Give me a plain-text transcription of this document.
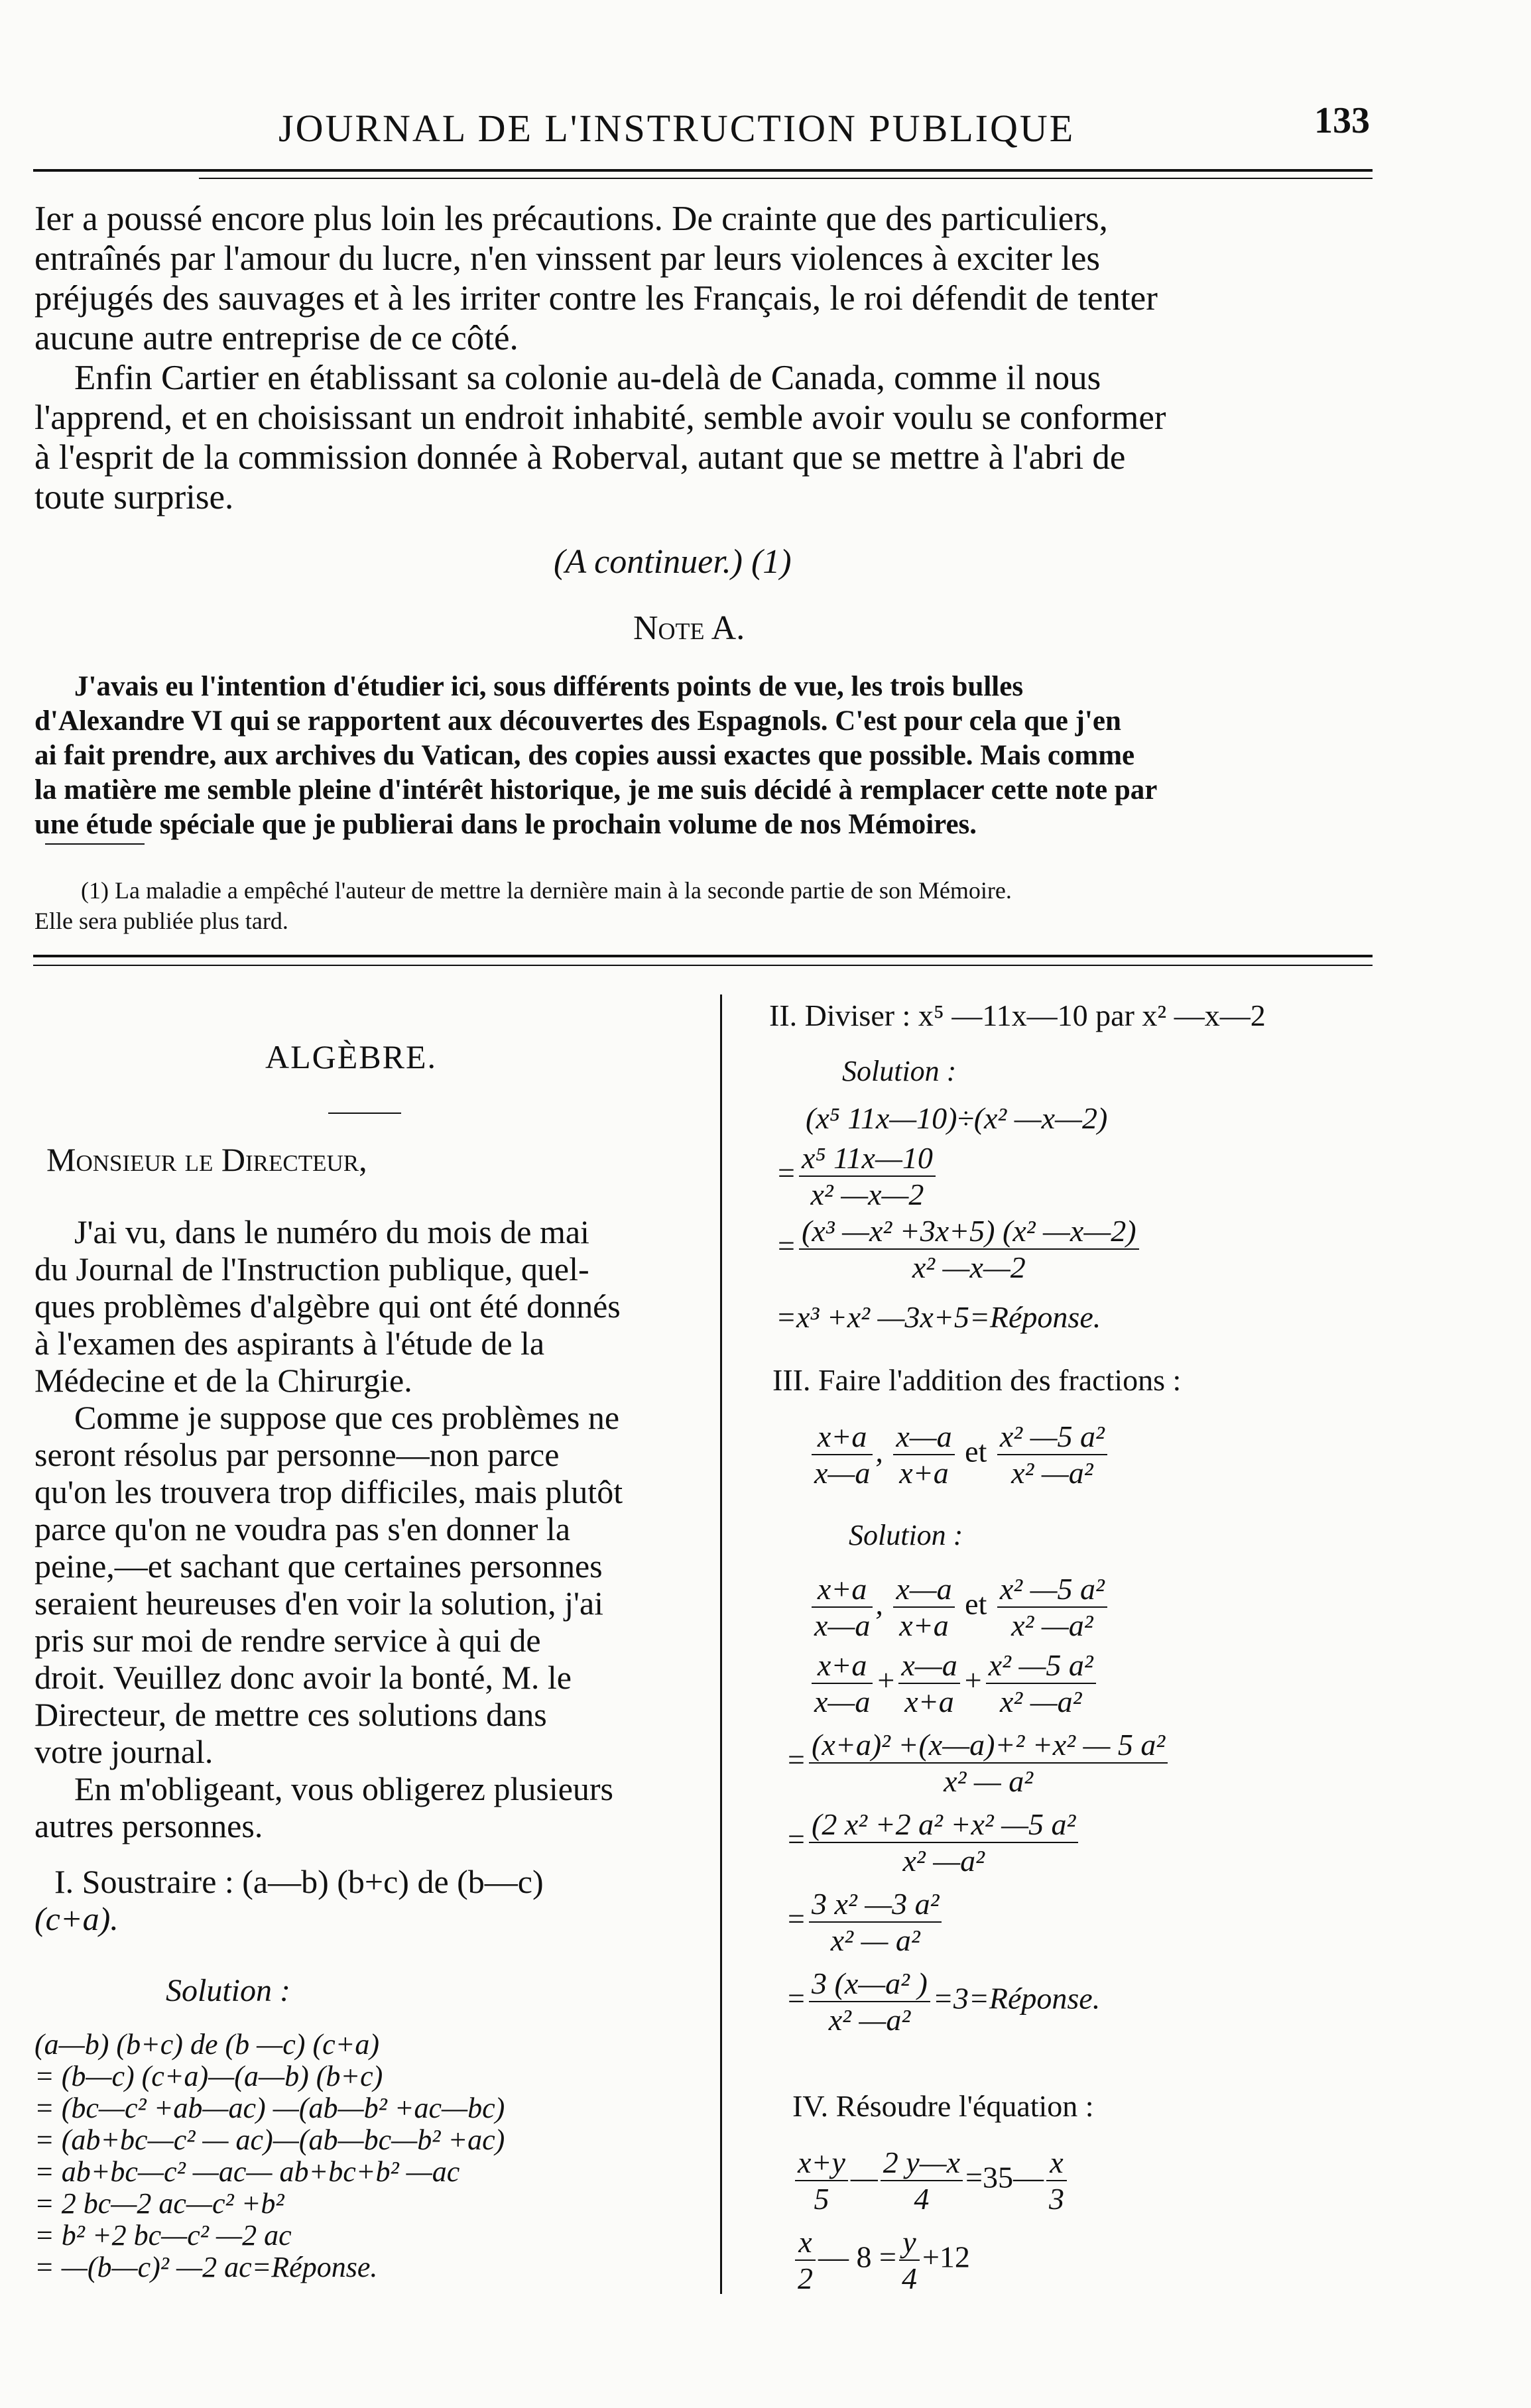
JOURNAL DE L'INSTRUCTION PUBLIQUE	133
Ier a poussé encore plus loin les précautions. De crainte que des particuliers,
entraînés par l'amour du lucre, n'en vinssent par leurs violences à exciter les
préjugés des sauvages et à les irriter contre les Français, le roi défendit de tenter
aucune autre entreprise de ce côté.
Enfin Cartier en établissant sa colonie au-delà de Canada, comme il nous
l'apprend, et en choisissant un endroit inhabité, semble avoir voulu se conformer
à l'esprit de la commission donnée à Roberval, autant que se mettre à l'abri de
toute surprise.
(A continuer.) (1)
Note A.
J'avais eu l'intention d'étudier ici, sous différents points de vue, les trois bulles
d'Alexandre VI qui se rapportent aux découvertes des Espagnols. C'est pour cela que j'en
ai fait prendre, aux archives du Vatican, des copies aussi exactes que possible. Mais comme
la matière me semble pleine d'intérêt historique, je me suis décidé à remplacer cette note par
une étude spéciale que je publierai dans le prochain volume de nos Mémoires.
(1) La maladie a empêché l'auteur de mettre la dernière main à la seconde partie de son Mémoire.
Elle sera publiée plus tard.
ALGÈBRE.
Monsieur le Directeur,
J'ai vu, dans le numéro du mois de mai
du Journal de l'Instruction publique, quel-
ques problèmes d'algèbre qui ont été donnés
à l'examen des aspirants à l'étude de la
Médecine et de la Chirurgie.
Comme je suppose que ces problèmes ne
seront résolus par personne—non parce
qu'on les trouvera trop difficiles, mais plutôt
parce qu'on ne voudra pas s'en donner la
peine,—et sachant que certaines personnes
seraient heureuses d'en voir la solution, j'ai
pris sur moi de rendre service à qui de
droit. Veuillez donc avoir la bonté, M. le
Directeur, de mettre ces solutions dans
votre journal.
En m'obligeant, vous obligerez plusieurs
autres personnes.
I. Soustraire : (a—b) (b+c) de (b—c)
(c+a).
Solution :
(a—b) (b+c) de (b —c) (c+a)
= (b—c) (c+a)—(a—b) (b+c)
= (bc—c² +ab—ac) —(ab—b² +ac—bc)
= (ab+bc—c² — ac)—(ab—bc—b² +ac)
= ab+bc—c² —ac— ab+bc+b² —ac
= 2 bc—2 ac—c² +b²
= b² +2 bc—c² —2 ac
= —(b—c)² —2 ac=Réponse.
II. Diviser : x⁵ —11x—10 par x² —x—2
Solution :
(x⁵ 11x—10)÷(x² —x—2)
= $\frac{\text{x⁵ 11x—10}}{\text{x² —x—2}}$
= $\frac{\text{(x³ —x² +3x+5) (x² —x—2)}}{\text{x² —x—2}}$
=x³ +x² —3x+5=Réponse.
III. Faire l'addition des fractions :
$\frac{x+a}{x—a}$ , $\frac{x—a}{x+a}$ et $\frac{\text{x² —5 a²}}{\text{x² —a²}}$
Solution :
$\frac{x+a}{x—a}$ , $\frac{x—a}{x+a}$ et $\frac{\text{x² —5 a²}}{\text{x² —a²}}$
$\frac{x+a}{x—a} + \frac{x—a}{x+a} + \frac{\text{x² —5 a²}}{\text{x² —a²}}$
= $\frac{\text{(x+a)² +(x—a)+² +x² — 5 a²}}{\text{x² — a²}}$
= $\frac{\text{(2 x² +2 a² +x² —5 a²}}{\text{x² —a²}}$
= $\frac{\text{3 x² —3 a²}}{\text{x² — a²}}$
= $\frac{\text{3 (x—a² )}}{\text{x² —a²}}$ =3=Réponse.
IV. Résoudre l'équation :
$\frac{x+y}{5}$ — $\frac{2 y—x}{4}$ =35— $\frac{x}{3}$
$\frac{x}{2}$ — $8 = \frac{y}{4} +12$
